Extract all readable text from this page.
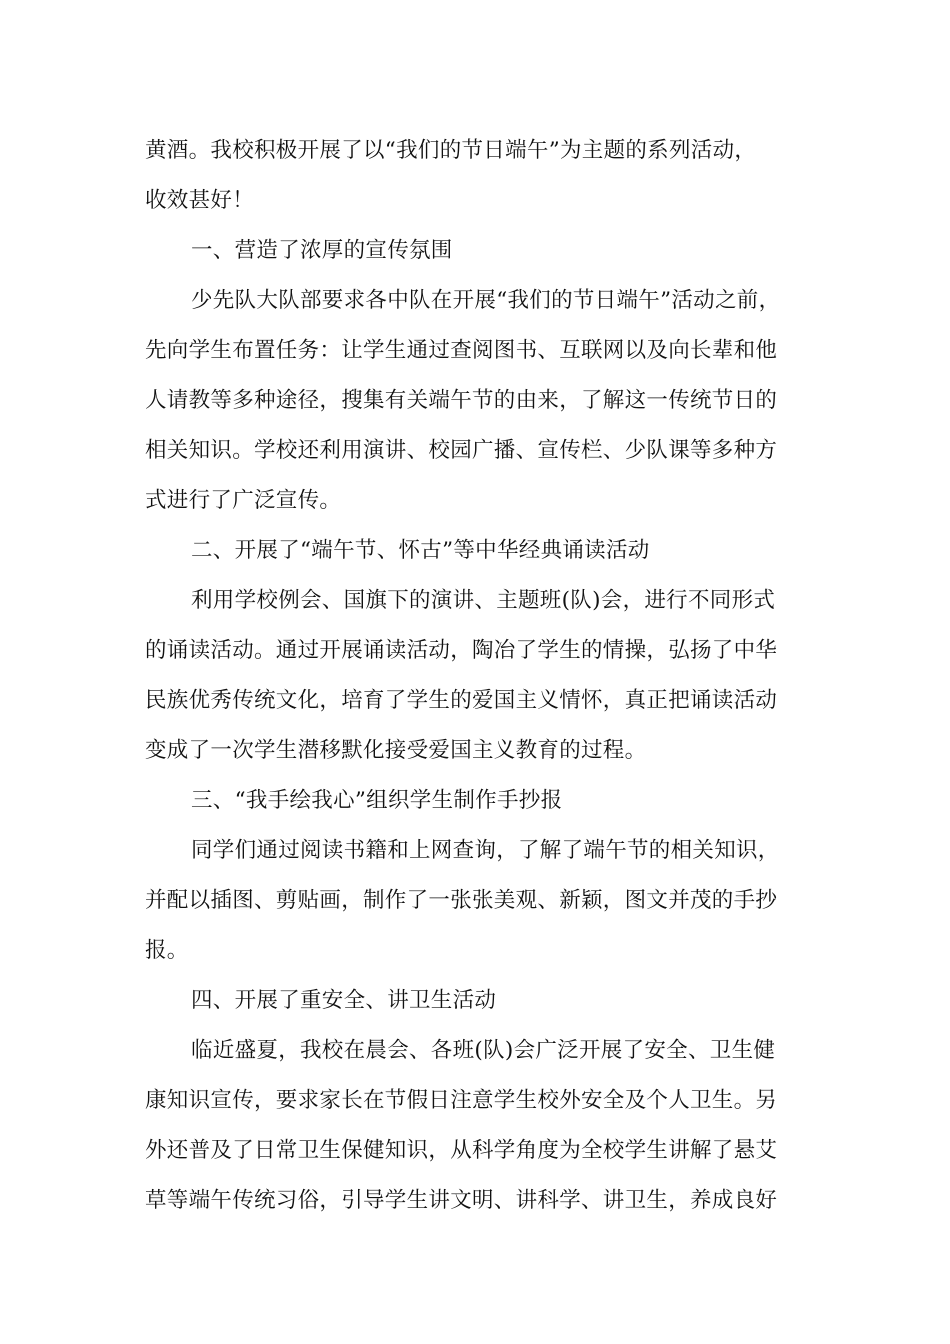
黄酒。我校积极开展了以“我们的节日端午”为主题的系列活动，
收效甚好！
一、营造了浓厚的宣传氛围
少先队大队部要求各中队在开展“我们的节日端午”活动之前，
先向学生布置任务：让学生通过查阅图书、互联网以及向长辈和他
人请教等多种途径，搜集有关端午节的由来，了解这一传统节日的
相关知识。学校还利用演讲、校园广播、宣传栏、少队课等多种方
式进行了广泛宣传。
二、开展了“端午节、怀古”等中华经典诵读活动
利用学校例会、国旗下的演讲、主题班(队)会，进行不同形式
的诵读活动。通过开展诵读活动，陶冶了学生的情操，弘扬了中华
民族优秀传统文化，培育了学生的爱国主义情怀，真正把诵读活动
变成了一次学生潜移默化接受爱国主义教育的过程。
三、“我手绘我心”组织学生制作手抄报
同学们通过阅读书籍和上网查询，了解了端午节的相关知识，
并配以插图、剪贴画，制作了一张张美观、新颖，图文并茂的手抄
报。
四、开展了重安全、讲卫生活动
临近盛夏，我校在晨会、各班(队)会广泛开展了安全、卫生健
康知识宣传，要求家长在节假日注意学生校外安全及个人卫生。另
外还普及了日常卫生保健知识，从科学角度为全校学生讲解了悬艾
草等端午传统习俗，引导学生讲文明、讲科学、讲卫生，养成良好
